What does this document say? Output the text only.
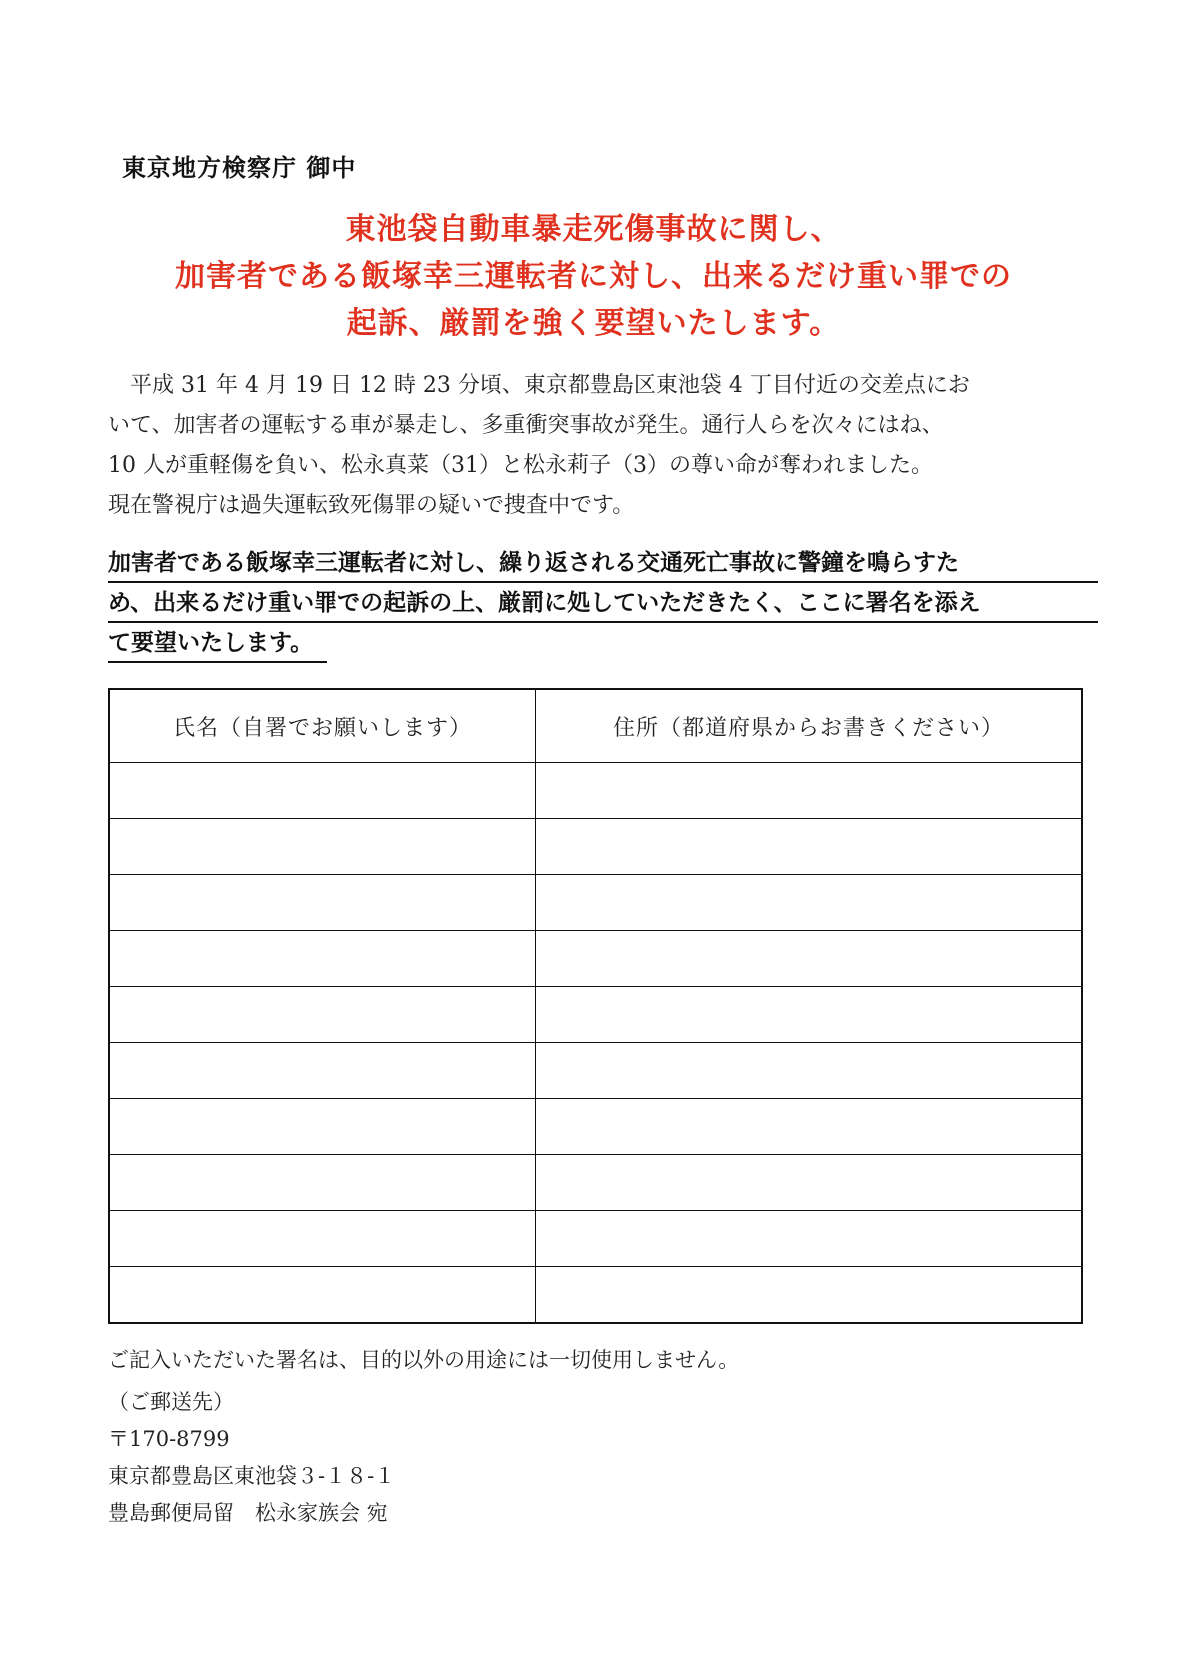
東京地方検察庁 御中
東池袋自動車暴走死傷事故に関し、
加害者である飯塚幸三運転者に対し、出来るだけ重い罪での
起訴、厳罰を強く要望いたします。
　平成 31 年 4 月 19 日 12 時 23 分頃、東京都豊島区東池袋 4 丁目付近の交差点にお
いて、加害者の運転する車が暴走し、多重衝突事故が発生。通行人らを次々にはね、
10 人が重軽傷を負い、松永真菜（31）と松永莉子（3）の尊い命が奪われました。
現在警視庁は過失運転致死傷罪の疑いで捜査中です。
加害者である飯塚幸三運転者に対し、繰り返される交通死亡事故に警鐘を鳴らすた
め、出来るだけ重い罪での起訴の上、厳罰に処していただきたく、ここに署名を添え
て要望いたします。
氏名（自署でお願いします）	住所（都道府県からお書きください）

ご記入いただいた署名は、目的以外の用途には一切使用しません。
（ご郵送先）
〒170-8799
東京都豊島区東池袋３-１８-１
豊島郵便局留　松永家族会 宛
